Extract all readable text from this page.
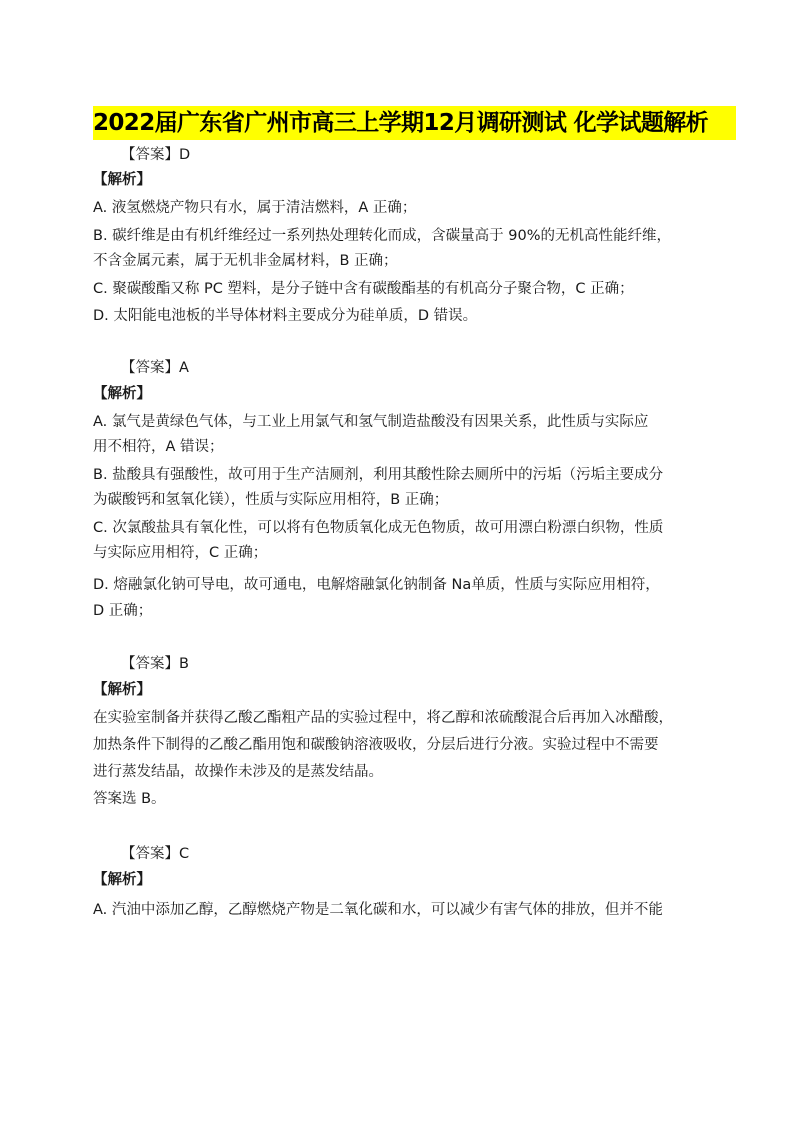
2022届广东省广州市高三上学期12月调研测试 化学试题解析
【答案】D
【解析】
A. 液氢燃烧产物只有水，属于清洁燃料，A 正确；
B. 碳纤维是由有机纤维经过一系列热处理转化而成，含碳量高于 90%的无机高性能纤维，
不含金属元素，属于无机非金属材料，B 正确；
C. 聚碳酸酯又称 PC 塑料，是分子链中含有碳酸酯基的有机高分子聚合物，C 正确；
D. 太阳能电池板的半导体材料主要成分为硅单质，D 错误。
【答案】A
【解析】
A. 氯气是黄绿色气体，与工业上用氯气和氢气制造盐酸没有因果关系，此性质与实际应
用不相符，A 错误；
B. 盐酸具有强酸性，故可用于生产洁厕剂，利用其酸性除去厕所中的污垢（污垢主要成分
为碳酸钙和氢氧化镁），性质与实际应用相符，B 正确；
C. 次氯酸盐具有氧化性，可以将有色物质氧化成无色物质，故可用漂白粉漂白织物，性质
与实际应用相符，C 正确；
D. 熔融氯化钠可导电，故可通电，电解熔融氯化钠制备 Na单质，性质与实际应用相符，
D 正确；
【答案】B
【解析】
在实验室制备并获得乙酸乙酯粗产品的实验过程中，将乙醇和浓硫酸混合后再加入冰醋酸，
加热条件下制得的乙酸乙酯用饱和碳酸钠溶液吸收，分层后进行分液。实验过程中不需要
进行蒸发结晶，故操作未涉及的是蒸发结晶。
答案选 B。
【答案】C
【解析】
A. 汽油中添加乙醇，乙醇燃烧产物是二氧化碳和水，可以减少有害气体的排放，但并不能
